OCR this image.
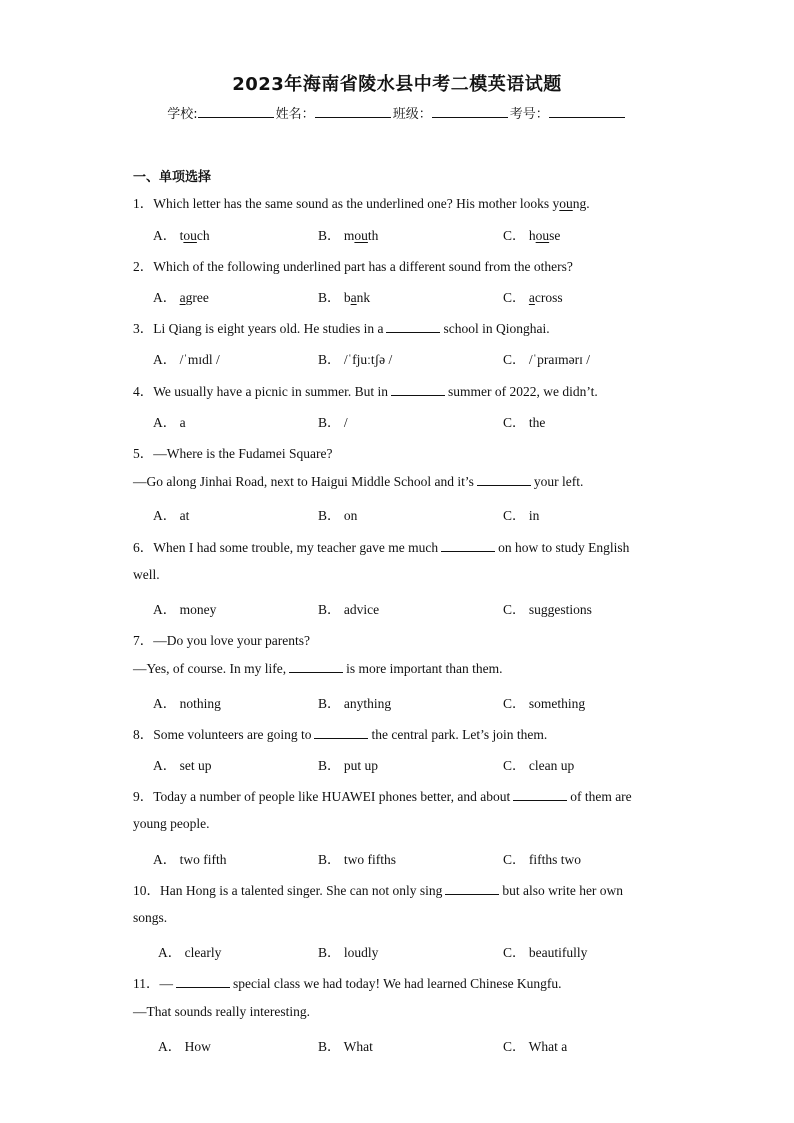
2023年海南省陵水县中考二模英语试题
学校:	姓名：	班级：	考号：
一、单项选择
1．Which letter has the same sound as the underlined one? His mother looks young.
A． touch	B． mouth	C． house
2．Which of the following underlined part has a different sound from the others?
A． agree	B． bank	C． across
3．Li Qiang is eight years old. He studies in a	school in Qionghai.
A． /ˈmɪdl /	B． /ˈfjuːtʃə /	C． /ˈpraɪmərɪ /
4．We usually have a picnic in summer. But in	summer of 2022, we didn’t.
A． a	B． /	C． the
5．—Where is the Fudamei Square?
—Go along Jinhai Road, next to Haigui Middle School and it’s	your left.
A． at	B． on	C． in
6．When I had some trouble, my teacher gave me much	on how to study English
well.
A． money	B． advice	C． suggestions
7．—Do you love your parents?
—Yes, of course. In my life,	is more important than them.
A． nothing	B． anything	C． something
8．Some volunteers are going to	the central park. Let’s join them.
A． set up	B． put up	C． clean up
9．Today a number of people like HUAWEI phones better, and about	of them are
young people.
A． two fifth	B． two fifths	C． fifths two
10．Han Hong is a talented singer. She can not only sing	but also write her own
songs.
A． clearly	B． loudly	C． beautifully
11．—	special class we had today! We had learned Chinese Kungfu.
—That sounds really interesting.
A． How	B． What	C． What a
